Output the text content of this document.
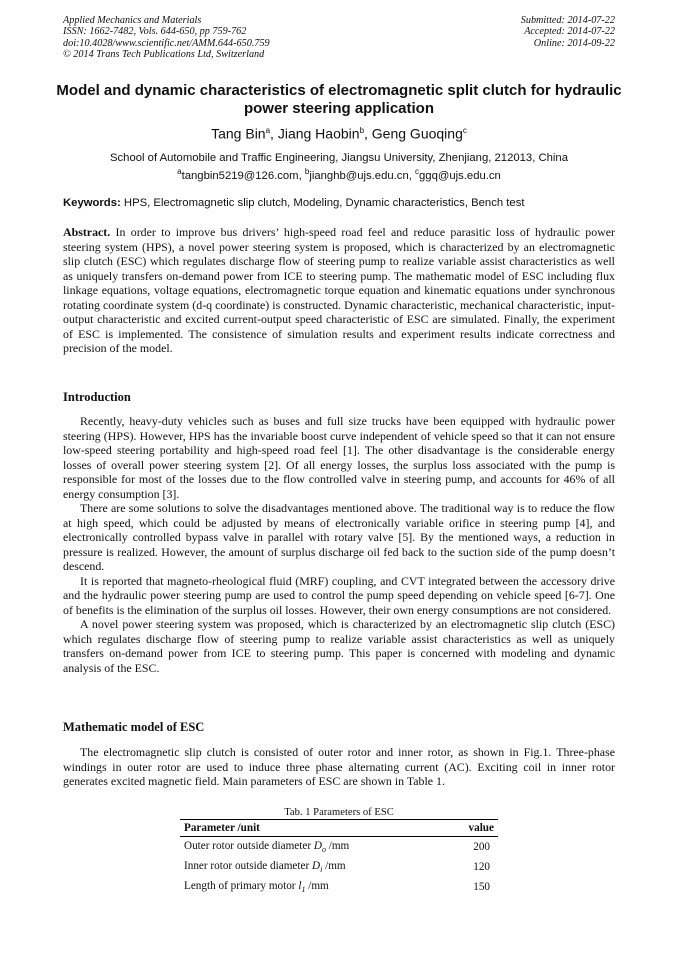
Applied Mechanics and Materials
ISSN: 1662-7482, Vols. 644-650, pp 759-762
doi:10.4028/www.scientific.net/AMM.644-650.759
© 2014 Trans Tech Publications Ltd, Switzerland
Submitted: 2014-07-22
Accepted: 2014-07-22
Online: 2014-09-22
Model and dynamic characteristics of electromagnetic split clutch for hydraulic power steering application
Tang Bin$^a$, Jiang Haobin$^b$, Geng Guoqing$^c$
School of Automobile and Traffic Engineering, Jiangsu University, Zhenjiang, 212013, China
$^a$tangbin5219@126.com, $^b$jianghb@ujs.edu.cn, $^c$ggq@ujs.edu.cn
Keywords: HPS, Electromagnetic slip clutch, Modeling, Dynamic characteristics, Bench test
Abstract. In order to improve bus drivers’ high-speed road feel and reduce parasitic loss of hydraulic power steering system (HPS), a novel power steering system is proposed, which is characterized by an electromagnetic slip clutch (ESC) which regulates discharge flow of steering pump to realize variable assist characteristics as well as uniquely transfers on-demand power from ICE to steering pump. The mathematic model of ESC including flux linkage equations, voltage equations, electromagnetic torque equation and kinematic equations under synchronous rotating coordinate system (d-q coordinate) is constructed. Dynamic characteristic, mechanical characteristic, input-output characteristic and excited current-output speed characteristic of ESC are simulated. Finally, the experiment of ESC is implemented. The consistence of simulation results and experiment results indicate correctness and precision of the model.
Introduction

Recently, heavy-duty vehicles such as buses and full size trucks have been equipped with hydraulic power steering (HPS). However, HPS has the invariable boost curve independent of vehicle speed so that it can not ensure low-speed steering portability and high-speed road feel [1]. The other disadvantage is the considerable energy losses of overall power steering system [2]. Of all energy losses, the surplus loss associated with the pump is responsible for most of the losses due to the flow controlled valve in steering pump, and accounts for 46% of all energy consumption [3].

There are some solutions to solve the disadvantages mentioned above. The traditional way is to reduce the flow at high speed, which could be adjusted by means of electronically variable orifice in steering pump [4], and electronically controlled bypass valve in parallel with rotary valve [5]. By the mentioned ways, a reduction in pressure is realized. However, the amount of surplus discharge oil fed back to the suction side of the pump doesn’t descend.

It is reported that magneto-rheological fluid (MRF) coupling, and CVT integrated between the accessory drive and the hydraulic power steering pump are used to control the pump speed depending on vehicle speed [6-7]. One of benefits is the elimination of the surplus oil losses. However, their own energy consumptions are not considered.

A novel power steering system was proposed, which is characterized by an electromagnetic slip clutch (ESC) which regulates discharge flow of steering pump to realize variable assist characteristics as well as uniquely transfers on-demand power from ICE to steering pump. This paper is concerned with modeling and dynamic analysis of the ESC.

Mathematic model of ESC

The electromagnetic slip clutch is consisted of outer rotor and inner rotor, as shown in Fig.1. Three-phase windings in outer rotor are used to induce three phase alternating current (AC). Exciting coil in inner rotor generates excited magnetic field. Main parameters of ESC are shown in Table 1.

Tab. 1 Parameters of ESC
Parameter /unit	value
Outer rotor outside diameter $D_o$ /mm	200
Inner rotor outside diameter $D_i$ /mm	120
Length of primary motor $l_1$ /mm	150
